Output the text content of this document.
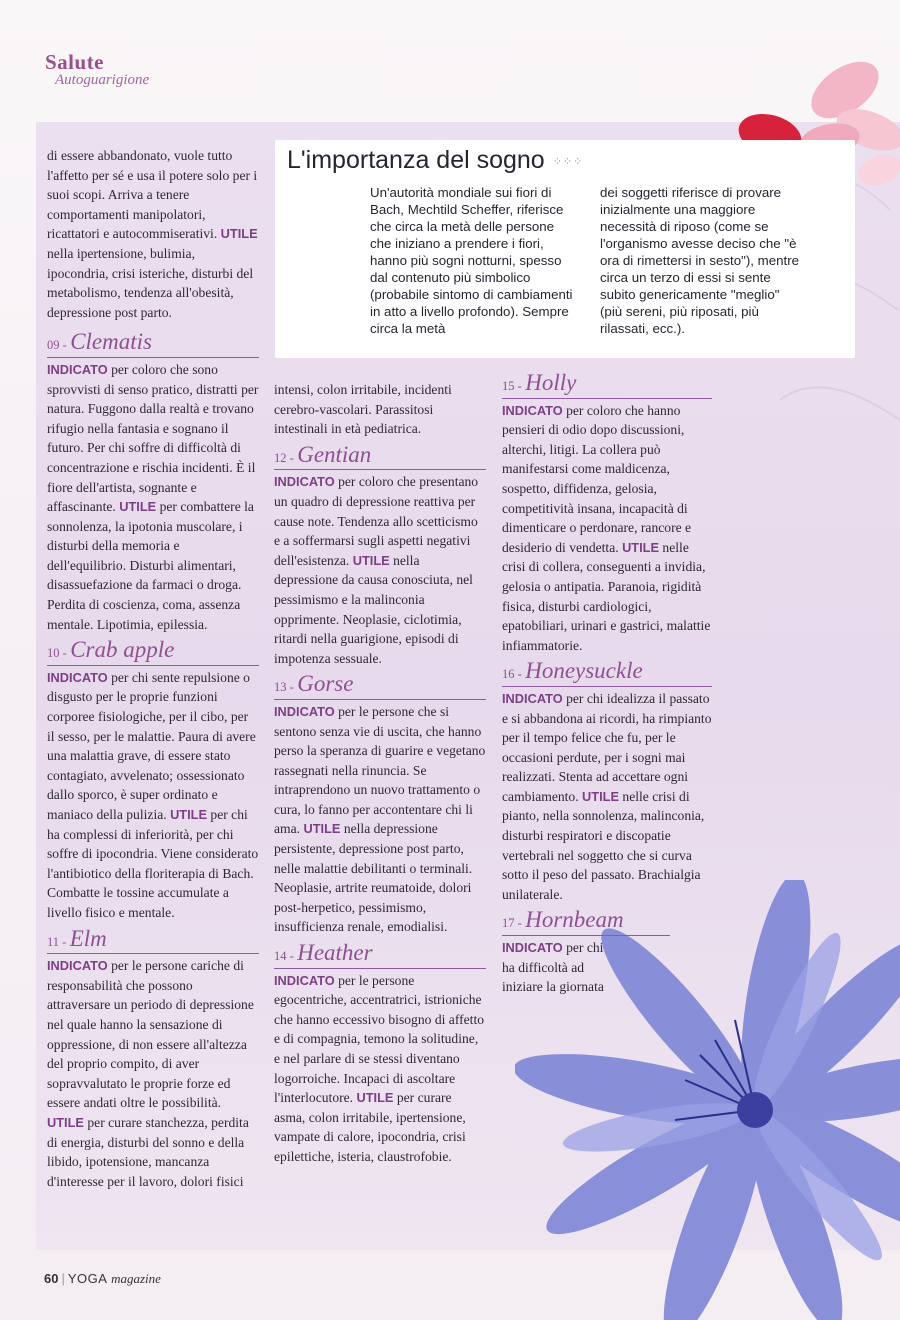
Salute
Autoguarigione
L'importanza del sogno ⁘⁘⁘
Un'autorità mondiale sui fiori di Bach, Mechtild Scheffer, riferisce che circa la metà delle persone che iniziano a prendere i fiori, hanno più sogni notturni, spesso dal contenuto più simbolico (probabile sintomo di cambiamenti in atto a livello profondo). Sempre circa la metà
dei soggetti riferisce di provare inizialmente una maggiore necessità di riposo (come se l'organismo avesse deciso che "è ora di rimettersi in sesto"), mentre circa un terzo di essi si sente subito genericamente "meglio" (più sereni, più riposati, più rilassati, ecc.).

di essere abbandonato, vuole tutto l'affetto per sé e usa il potere solo per i suoi scopi. Arriva a tenere comportamenti manipolatori, ricattatori e autocommiserativi. UTILE nella ipertensione, bulimia, ipocondria, crisi isteriche, disturbi del metabolismo, tendenza all'obesità, depressione post parto.

09 - Clematis

INDICATO per coloro che sono sprovvisti di senso pratico, distratti per natura. Fuggono dalla realtà e trovano rifugio nella fantasia e sognano il futuro. Per chi soffre di difficoltà di concentrazione e rischia incidenti. È il fiore dell'artista, sognante e affascinante. UTILE per combattere la sonnolenza, la ipotonia muscolare, i disturbi della memoria e dell'equilibrio. Disturbi alimentari, disassuefazione da farmaci o droga. Perdita di coscienza, coma, assenza mentale. Lipotimia, epilessia.

10 - Crab apple

INDICATO per chi sente repulsione o disgusto per le proprie funzioni corporee fisiologiche, per il cibo, per il sesso, per le malattie. Paura di avere una malattia grave, di essere stato contagiato, avvelenato; ossessionato dallo sporco, è super ordinato e maniaco della pulizia. UTILE per chi ha complessi di inferiorità, per chi soffre di ipocondria. Viene considerato l'antibiotico della floriterapia di Bach. Combatte le tossine accumulate a livello fisico e mentale.

11 - Elm

INDICATO per le persone cariche di responsabilità che possono attraversare un periodo di depressione nel quale hanno la sensazione di oppressione, di non essere all'altezza del proprio compito, di aver sopravvalutato le proprie forze ed essere andati oltre le possibilità. UTILE per curare stanchezza, perdita di energia, disturbi del sonno e della libido, ipotensione, mancanza d'interesse per il lavoro, dolori fisici

intensi, colon irritabile, incidenti cerebro-vascolari. Parassitosi intestinali in età pediatrica.

12 - Gentian

INDICATO per coloro che presentano un quadro di depressione reattiva per cause note. Tendenza allo scetticismo e a soffermarsi sugli aspetti negativi dell'esistenza. UTILE nella depressione da causa conosciuta, nel pessimismo e la malinconia opprimente. Neoplasie, ciclotimia, ritardi nella guarigione, episodi di impotenza sessuale.

13 - Gorse

INDICATO per le persone che si sentono senza vie di uscita, che hanno perso la speranza di guarire e vegetano rassegnati nella rinuncia. Se intraprendono un nuovo trattamento o cura, lo fanno per accontentare chi li ama. UTILE nella depressione persistente, depressione post parto, nelle malattie debilitanti o terminali. Neoplasie, artrite reumatoide, dolori post-herpetico, pessimismo, insufficienza renale, emodialisi.

14 - Heather

INDICATO per le persone egocentriche, accentratrici, istrioniche che hanno eccessivo bisogno di affetto e di compagnia, temono la solitudine, e nel parlare di se stessi diventano logorroiche. Incapaci di ascoltare l'interlocutore. UTILE per curare asma, colon irritabile, ipertensione, vampate di calore, ipocondria, crisi epilettiche, isteria, claustrofobie.

15 - Holly

INDICATO per coloro che hanno pensieri di odio dopo discussioni, alterchi, litigi. La collera può manifestarsi come maldicenza, sospetto, diffidenza, gelosia, competitività insana, incapacità di dimenticare o perdonare, rancore e desiderio di vendetta. UTILE nelle crisi di collera, conseguenti a invidia, gelosia o antipatia. Paranoia, rigidità fisica, disturbi cardiologici, epatobiliari, urinari e gastrici, malattie infiammatorie.

16 - Honeysuckle

INDICATO per chi idealizza il passato e si abbandona ai ricordi, ha rimpianto per il tempo felice che fu, per le occasioni perdute, per i sogni mai realizzati. Stenta ad accettare ogni cambiamento. UTILE nelle crisi di pianto, nella sonnolenza, malinconia, disturbi respiratori e discopatie vertebrali nel soggetto che si curva sotto il peso del passato. Brachialgia unilaterale.

17 - Hornbeam

INDICATO per chi ha difficoltà ad iniziare la giornata

60 | YOGA magazine
